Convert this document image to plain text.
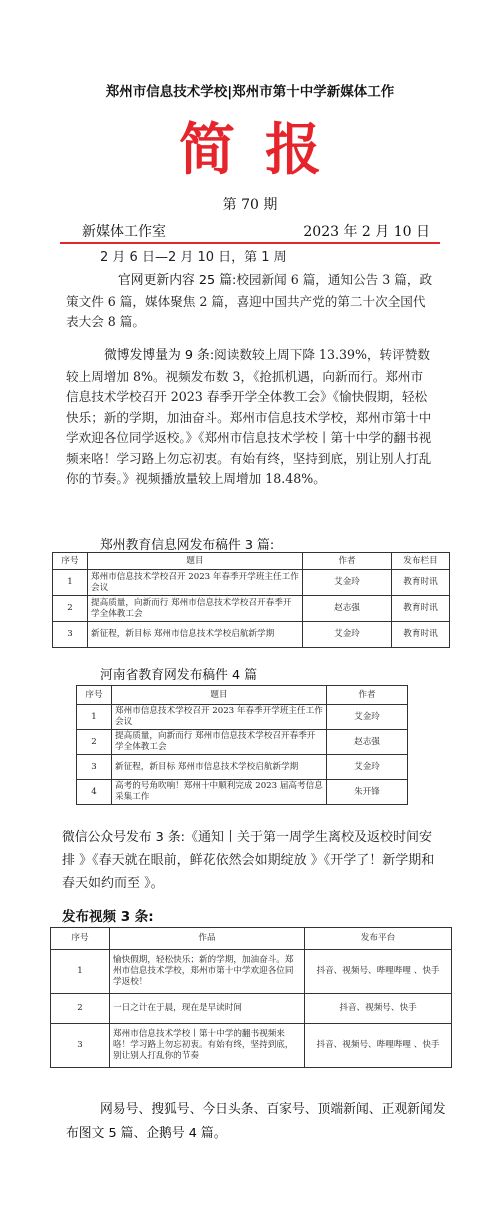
郑州市信息技术学校|郑州市第十中学新媒体工作
简报
第 70 期
新媒体工作室	2023 年 2 月 10 日
2 月 6 日—2 月 10 日，第 1 周
官网更新内容 25 篇:校园新闻 6 篇，通知公告 3 篇，政策文件 6 篇，媒体聚焦 2 篇，喜迎中国共产党的第二十次全国代表大会 8 篇。
微博发博量为 9 条:阅读数较上周下降 13.39%，转评赞数较上周增加 8%。视频发布数 3，《抢抓机遇，向新而行。郑州市信息技术学校召开 2023 春季开学全体教工会》《愉快假期，轻松快乐；新的学期，加油奋斗。郑州市信息技术学校，郑州市第十中学欢迎各位同学返校。》《郑州市信息技术学校丨第十中学的翻书视频来咯！学习路上勿忘初衷。有始有终，坚持到底，别让别人打乱你的节奏。》视频播放量较上周增加 18.48%。
郑州教育信息网发布稿件 3 篇:
序号	题目	作者	发布栏目
1	郑州市信息技术学校召开 2023 年春季开学班主任工作会议	艾金玲	教育时讯
2	提高质量，向新而行 郑州市信息技术学校召开春季开学全体教工会	赵志强	教育时讯
3	新征程，新目标 郑州市信息技术学校启航新学期	艾金玲	教育时讯
河南省教育网发布稿件 4 篇
序号	题目	作者
1	郑州市信息技术学校召开 2023 年春季开学班主任工作会议	艾金玲
2	提高质量，向新而行 郑州市信息技术学校召开春季开学全体教工会	赵志强
3	新征程，新目标 郑州市信息技术学校启航新学期	艾金玲
4	高考的号角吹响！郑州十中顺利完成 2023 届高考信息采集工作	朱开锋
微信公众号发布 3 条:《通知丨关于第一周学生离校及返校时间安排 》《春天就在眼前，鲜花依然会如期绽放 》《开学了！新学期和春天如约而至 》。
发布视频 3 条:
序号	作品	发布平台
1	愉快假期，轻松快乐；新的学期，加油奋斗。郑州市信息技术学校，郑州市第十中学欢迎各位同学返校！	抖音、视频号、哔哩哔哩 、快手
2	一日之计在于晨，现在是早读时间	抖音、视频号、快手
3	郑州市信息技术学校丨第十中学的翻书视频来咯！学习路上勿忘初衷。有始有终，坚持到底，别让别人打乱你的节奏	抖音、视频号、哔哩哔哩 、快手
网易号、搜狐号、今日头条、百家号、顶端新闻、正观新闻发布图文 5 篇、企鹅号 4 篇。
